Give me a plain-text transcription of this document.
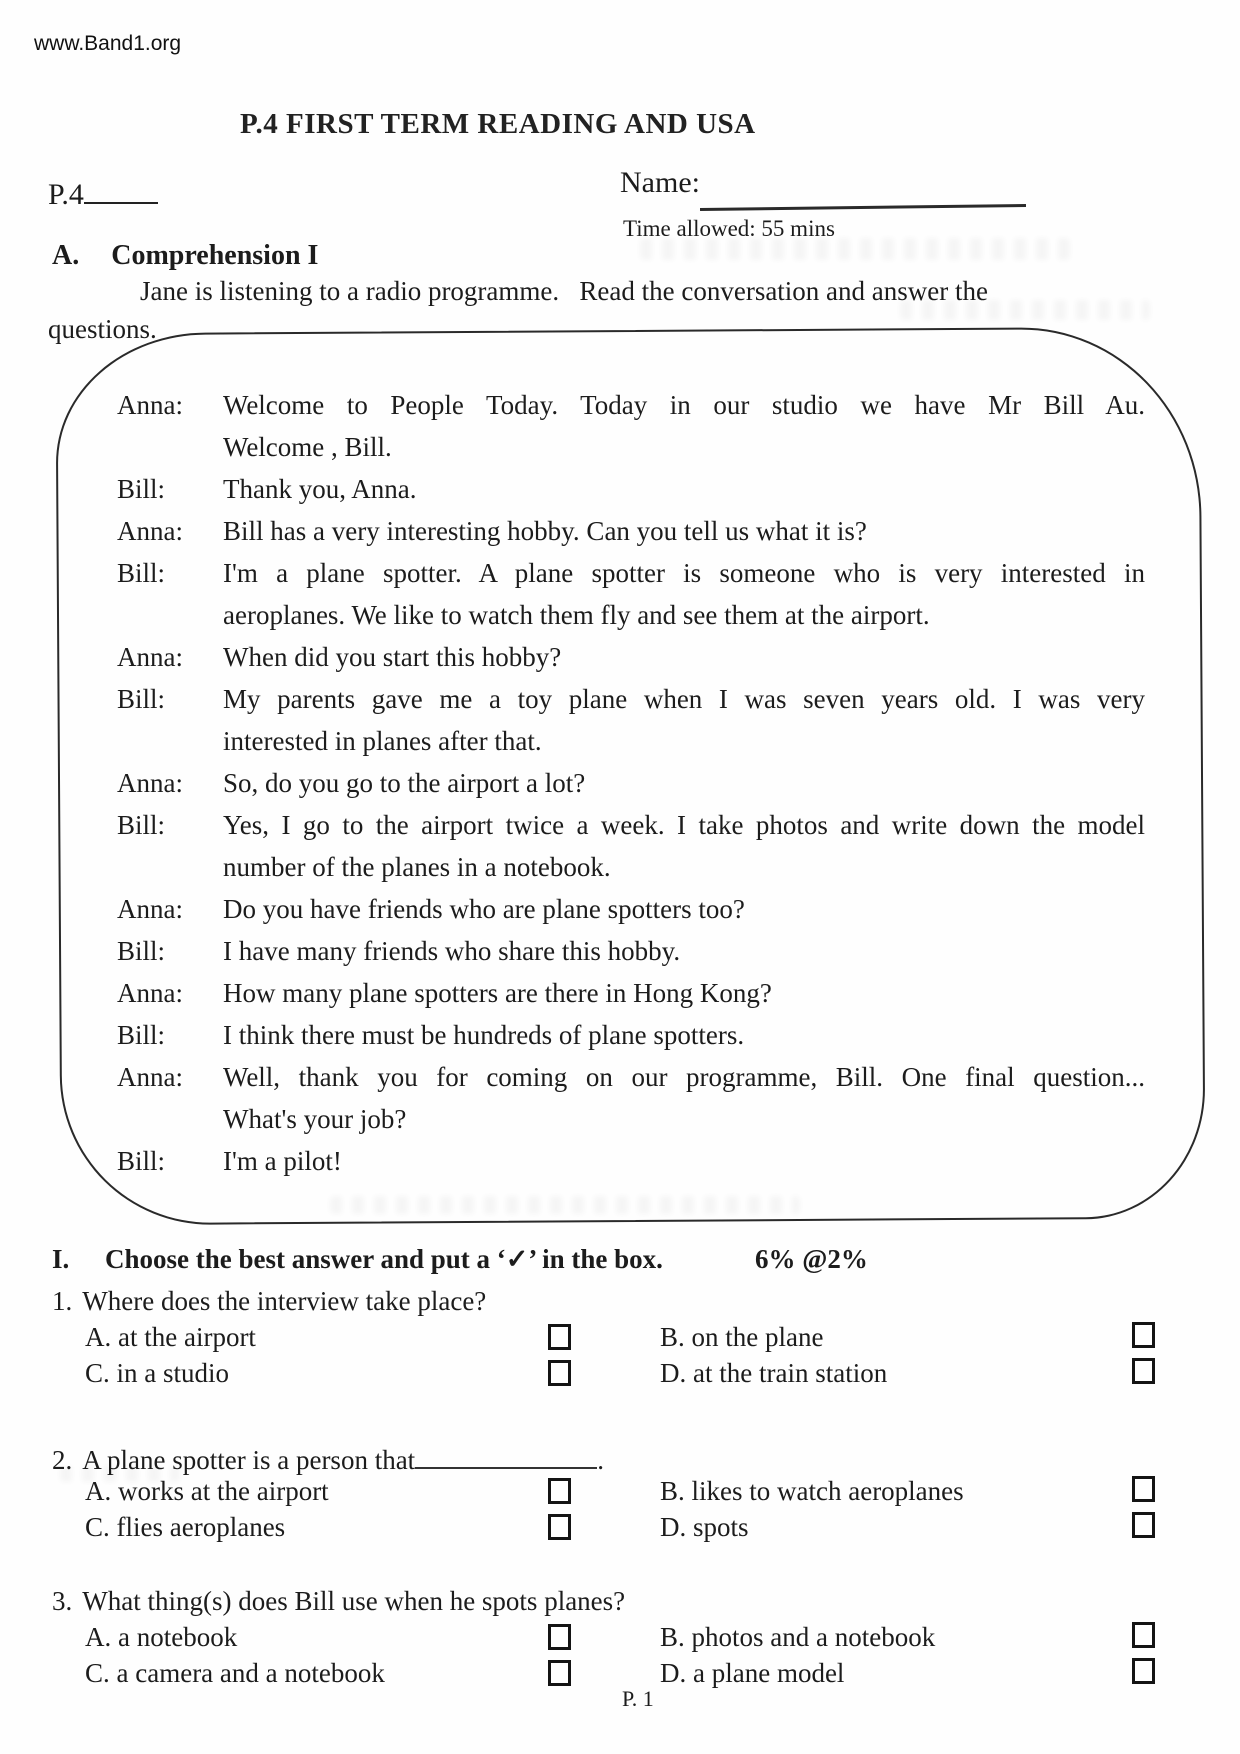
www.Band1.org
P.4 FIRST TERM READING AND USA
P.4	Name:
Time allowed: 55 mins
A. Comprehension I
Jane is listening to a radio programme.   Read the conversation and answer the
questions.
Anna:	Welcome to People Today. Today in our studio we have Mr Bill Au.
Welcome , Bill.
Bill:	Thank you, Anna.
Anna:	Bill has a very interesting hobby. Can you tell us what it is?
Bill:	I'm a plane spotter. A plane spotter is someone who is very interested in
aeroplanes. We like to watch them fly and see them at the airport.
Anna:	When did you start this hobby?
Bill:	My parents gave me a toy plane when I was seven years old. I was very
interested in planes after that.
Anna:	So, do you go to the airport a lot?
Bill:	Yes, I go to the airport twice a week. I take photos and write down the model
number of the planes in a notebook.
Anna:	Do you have friends who are plane spotters too?
Bill:	I have many friends who share this hobby.
Anna:	How many plane spotters are there in Hong Kong?
Bill:	I think there must be hundreds of plane spotters.
Anna:	Well, thank you for coming on our programme, Bill. One final question...
What's your job?
Bill:	I'm a pilot!
I. Choose the best answer and put a ‘✓’ in the box.	6% @2%
1. Where does the interview take place?
A. at the airport	B. on the plane
C. in a studio	D. at the train station
2. A plane spotter is a person that	.
A. works at the airport	B. likes to watch aeroplanes
C. flies aeroplanes	D. spots
3. What thing(s) does Bill use when he spots planes?
A. a notebook	B. photos and a notebook
C. a camera and a notebook	D. a plane model
P. 1
